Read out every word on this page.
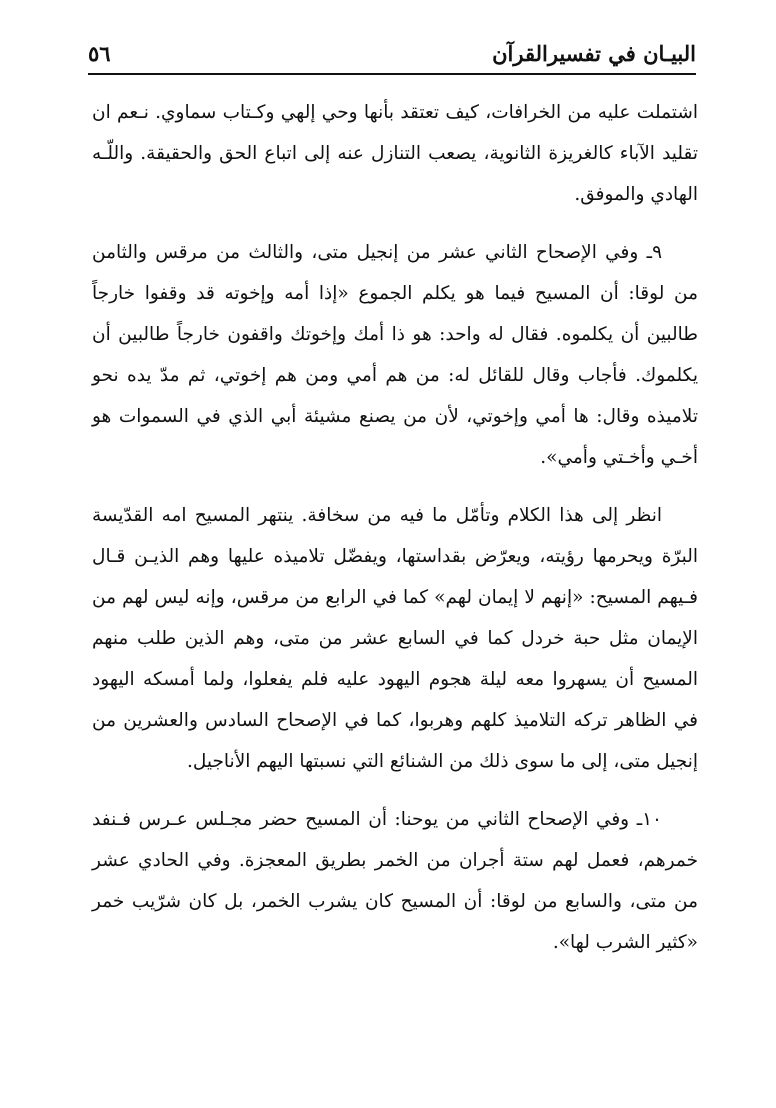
البيـان في تفسيرالقرآن
٥٦

اشتملت عليه من الخرافات، كيف تعتقد بأنها وحي إلهي وكـتاب سماوي. نـعم ان تقليد الآباء كالغريزة الثانوية، يصعب التنازل عنه إلى اتباع الحق والحقيقة. واللّـه الهادي والموفق.

٩ـ وفي الإصحاح الثاني عشر من إنجيل متى، والثالث من مرقس والثامن من لوقا: أن المسيح فيما هو يكلم الجموع «إذا أمه وإخوته قد وقفوا خارجاً طالبين أن يكلموه. فقال له واحد: هو ذا أمك وإخوتك واقفون خارجاً طالبين أن يكلموك. فأجاب وقال للقائل له: من هم أمي ومن هم إخوتي، ثم مدّ يده نحو تلاميذه وقال: ها أمي وإخوتي، لأن من يصنع مشيئة أبي الذي في السموات هو أخـي وأخـتي وأمي».

انظر إلى هذا الكلام وتأمّل ما فيه من سخافة. ينتهر المسيح امه القدّيسة البرّة ويحرمها رؤيته، ويعرّض بقداستها، ويفضّل تلاميذه عليها وهم الذيـن قـال فـيهم المسيح: «إنهم لا إيمان لهم» كما في الرابع من مرقس، وإنه ليس لهم من الإيمان مثل حبة خردل كما في السابع عشر من متى، وهم الذين طلب منهم المسيح أن يسهروا معه ليلة هجوم اليهود عليه فلم يفعلوا، ولما أمسكه اليهود في الظاهر تركه التلاميذ كلهم وهربوا، كما في الإصحاح السادس والعشرين من إنجيل متى، إلى ما سوى ذلك من الشنائع التي نسبتها اليهم الأناجيل.

١٠ـ وفي الإصحاح الثاني من يوحنا: أن المسيح حضر مجـلس عـرس فـنفد خمرهم، فعمل لهم ستة أجران من الخمر بطريق المعجزة. وفي الحادي عشر من متى، والسابع من لوقا: أن المسيح كان يشرب الخمر، بل كان شرّيب خمر «كثير الشرب لها».
